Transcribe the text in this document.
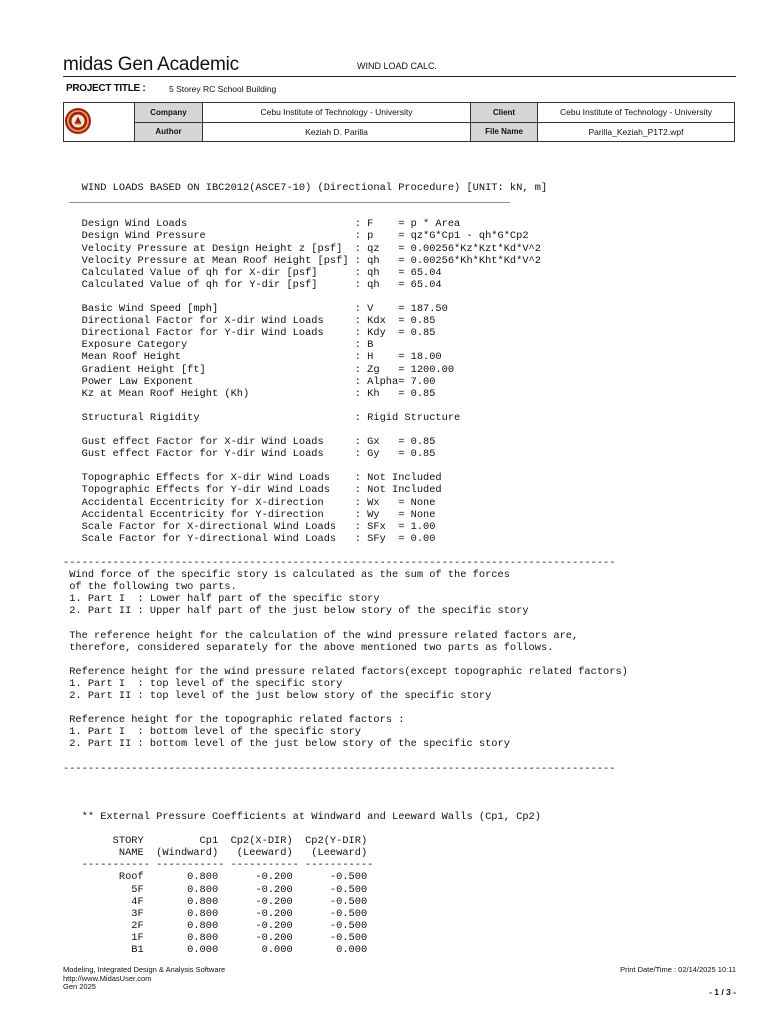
midas Gen Academic	WIND LOAD CALC.
PROJECT TITLE :	5 Storey RC School Building
	Company	Cebu Institute of Technology - University	Client	Cebu Institute of Technology - University
	Author	Keziah D. Parilla	File Name	Parilla_Keziah_P1T2.wpf
WIND LOADS BASED ON IBC2012(ASCE7-10) (Directional Procedure) [UNIT: kN, m]
_______________________________________________________________________
Design Wind Loads                           : F    = p * Area
Design Wind Pressure                        : p    = qz*G*Cp1 - qh*G*Cp2
Velocity Pressure at Design Height z [psf]  : qz   = 0.00256*Kz*Kzt*Kd*V^2
Velocity Pressure at Mean Roof Height [psf] : qh   = 0.00256*Kh*Kht*Kd*V^2
Calculated Value of qh for X-dir [psf]      : qh   = 65.04
Calculated Value of qh for Y-dir [psf]      : qh   = 65.04
Basic Wind Speed [mph]                      : V    = 187.50
Directional Factor for X-dir Wind Loads     : Kdx  = 0.85
Directional Factor for Y-dir Wind Loads     : Kdy  = 0.85
Exposure Category                           : B
Mean Roof Height                            : H    = 18.00
Gradient Height [ft]                        : Zg   = 1200.00
Power Law Exponent                          : Alpha= 7.00
Kz at Mean Roof Height (Kh)                 : Kh   = 0.85
Structural Rigidity                         : Rigid Structure
Gust effect Factor for X-dir Wind Loads     : Gx   = 0.85
Gust effect Factor for Y-dir Wind Loads     : Gy   = 0.85
Topographic Effects for X-dir Wind Loads    : Not Included
Topographic Effects for Y-dir Wind Loads    : Not Included
Accidental Eccentricity for X-direction     : Wx   = None
Accidental Eccentricity for Y-direction     : Wy   = None
Scale Factor for X-directional Wind Loads   : SFx  = 1.00
Scale Factor for Y-directional Wind Loads   : SFy  = 0.00
-----------------------------------------------------------------------------------------
Wind force of the specific story is calculated as the sum of the forces
of the following two parts.
1. Part I  : Lower half part of the specific story
2. Part II : Upper half part of the just below story of the specific story
The reference height for the calculation of the wind pressure related factors are,
therefore, considered separately for the above mentioned two parts as follows.
Reference height for the wind pressure related factors(except topographic related factors)
1. Part I  : top level of the specific story
2. Part II : top level of the just below story of the specific story
Reference height for the topographic related factors :
1. Part I  : bottom level of the specific story
2. Part II : bottom level of the just below story of the specific story
-----------------------------------------------------------------------------------------
** External Pressure Coefficients at Windward and Leeward Walls (Cp1, Cp2)
STORY         Cp1  Cp2(X-DIR)  Cp2(Y-DIR)
NAME  (Windward)   (Leeward)   (Leeward)
----------- ----------- ----------- -----------
Roof       0.800      -0.200      -0.500
5F       0.800      -0.200      -0.500
4F       0.800      -0.200      -0.500
3F       0.800      -0.200      -0.500
2F       0.800      -0.200      -0.500
1F       0.800      -0.200      -0.500
B1       0.000       0.000       0.000
Modeling, Integrated Design & Analysis Software
http://www.MidasUser.com
Gen 2025
Print Date/Time : 02/14/2025 10:11
- 1 / 3 -
